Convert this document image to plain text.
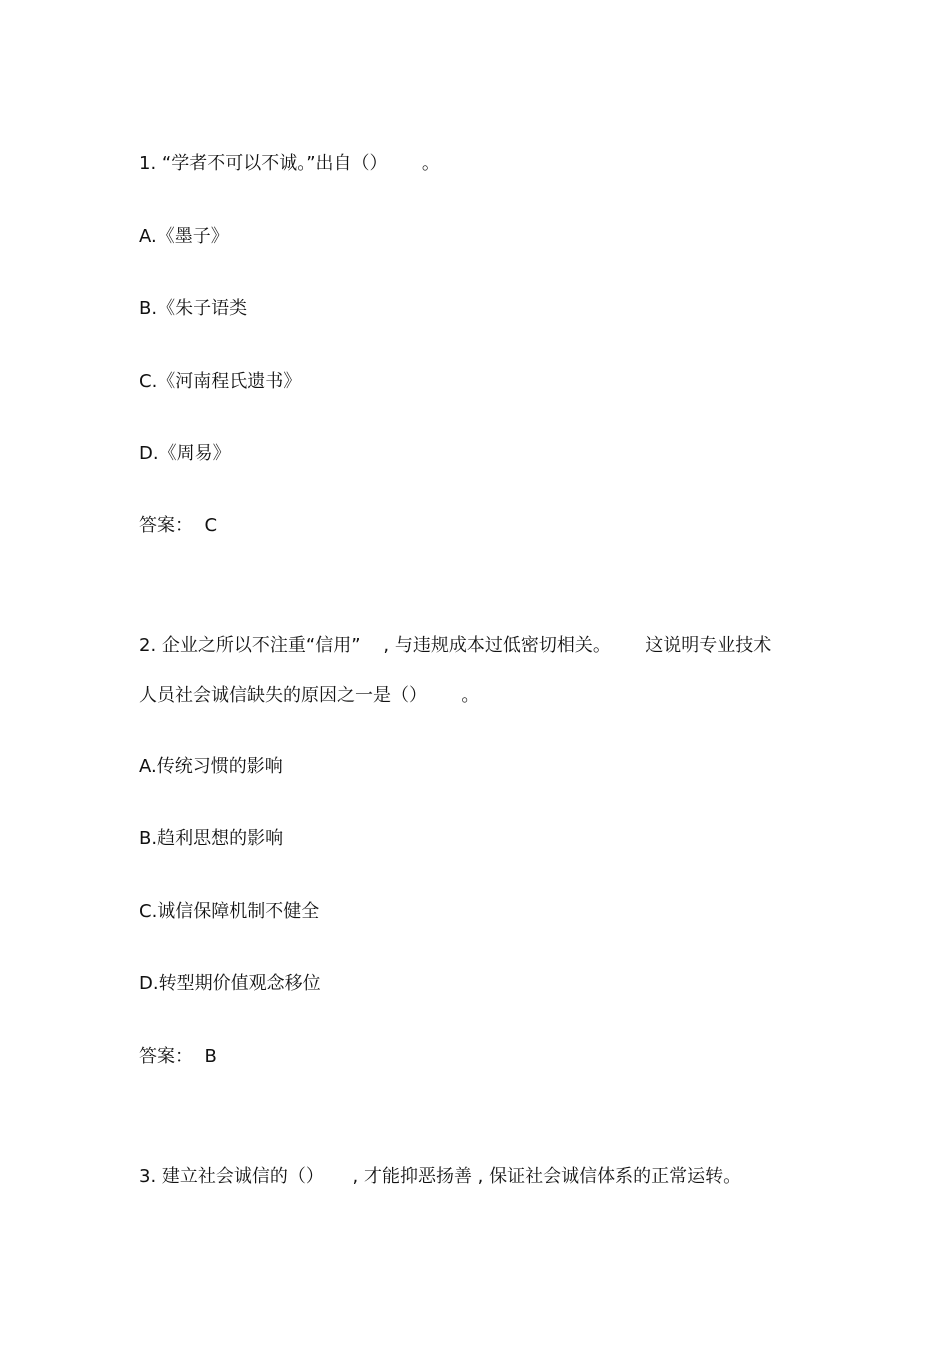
1. “学者不可以不诚。”出自（）      。
A.《墨子》
B.《朱子语类
C.《河南程氏遗书》
D.《周易》
答案：  C
2. 企业之所以不注重“信用”    , 与违规成本过低密切相关。      这说明专业技术
人员社会诚信缺失的原因之一是（）      。
A.传统习惯的影响
B.趋利思想的影响
C.诚信保障机制不健全
D.转型期价值观念移位
答案：  B
3. 建立社会诚信的（）     , 才能抑恶扬善 , 保证社会诚信体系的正常运转。
